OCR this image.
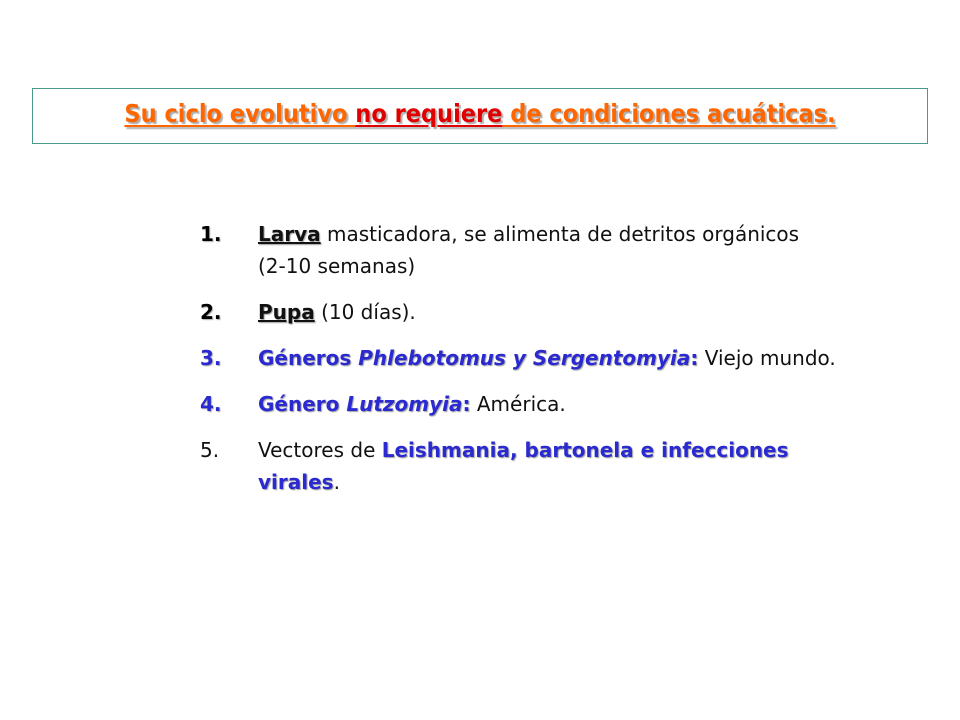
Su ciclo evolutivo no requiere de condiciones acuáticas.
1.	Larva masticadora, se alimenta de detritos orgánicos
(2-10 semanas)
2.	Pupa (10 días).
3.	Géneros Phlebotomus y Sergentomyia: Viejo mundo.
4.	Género Lutzomyia: América.
5.	Vectores de Leishmania, bartonela e infecciones virales.
